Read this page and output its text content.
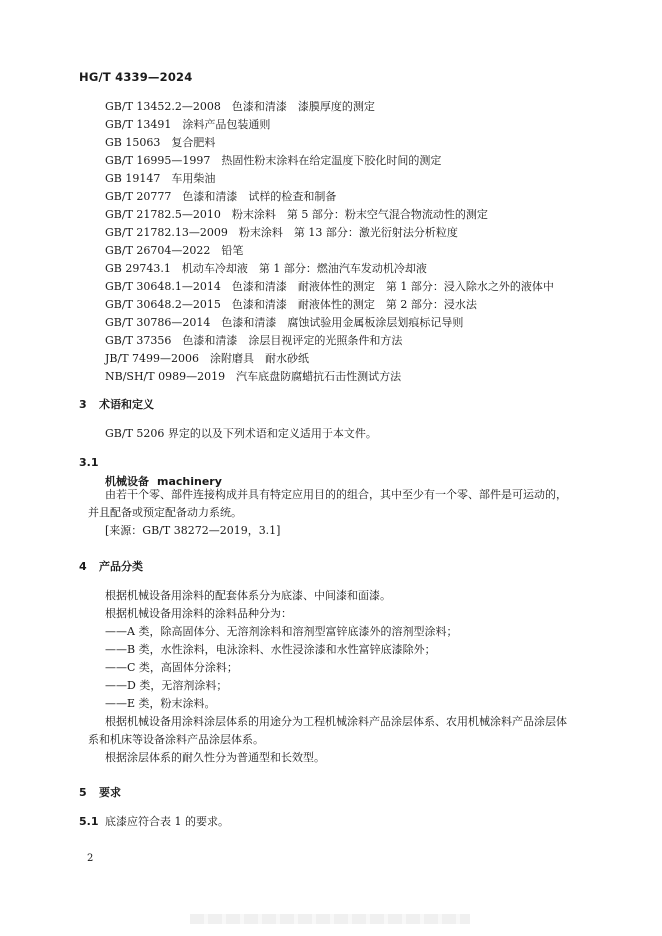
HG/T 4339—2024
GB/T 13452.2—2008　色漆和清漆　漆膜厚度的测定
GB/T 13491　涂料产品包装通则
GB 15063　复合肥料
GB/T 16995—1997　热固性粉末涂料在给定温度下胶化时间的测定
GB 19147　车用柴油
GB/T 20777　色漆和清漆　试样的检查和制备
GB/T 21782.5—2010　粉末涂料　第 5 部分：粉末空气混合物流动性的测定
GB/T 21782.13—2009　粉末涂料　第 13 部分：激光衍射法分析粒度
GB/T 26704—2022　铅笔
GB 29743.1　机动车冷却液　第 1 部分：燃油汽车发动机冷却液
GB/T 30648.1—2014　色漆和清漆　耐液体性的测定　第 1 部分：浸入除水之外的液体中
GB/T 30648.2—2015　色漆和清漆　耐液体性的测定　第 2 部分：浸水法
GB/T 30786—2014　色漆和清漆　腐蚀试验用金属板涂层划痕标记导则
GB/T 37356　色漆和清漆　涂层目视评定的光照条件和方法
JB/T 7499—2006　涂附磨具　耐水砂纸
NB/SH/T 0989—2019　汽车底盘防腐蜡抗石击性测试方法
3 术语和定义
GB/T 5206 界定的以及下列术语和定义适用于本文件。
3.1
机械设备 machinery
由若干个零、部件连接构成并具有特定应用目的的组合，其中至少有一个零、部件是可运动的，
并且配备或预定配备动力系统。
[来源：GB/T 38272—2019，3.1]
4 产品分类
根据机械设备用涂料的配套体系分为底漆、中间漆和面漆。
根据机械设备用涂料的涂料品种分为：
——A 类，除高固体分、无溶剂涂料和溶剂型富锌底漆外的溶剂型涂料；
——B 类，水性涂料，电泳涂料、水性浸涂漆和水性富锌底漆除外；
——C 类，高固体分涂料；
——D 类，无溶剂涂料；
——E 类，粉末涂料。
根据机械设备用涂料涂层体系的用途分为工程机械涂料产品涂层体系、农用机械涂料产品涂层体
系和机床等设备涂料产品涂层体系。
根据涂层体系的耐久性分为普通型和长效型。
5 要求
5.1 底漆应符合表 1 的要求。
2
